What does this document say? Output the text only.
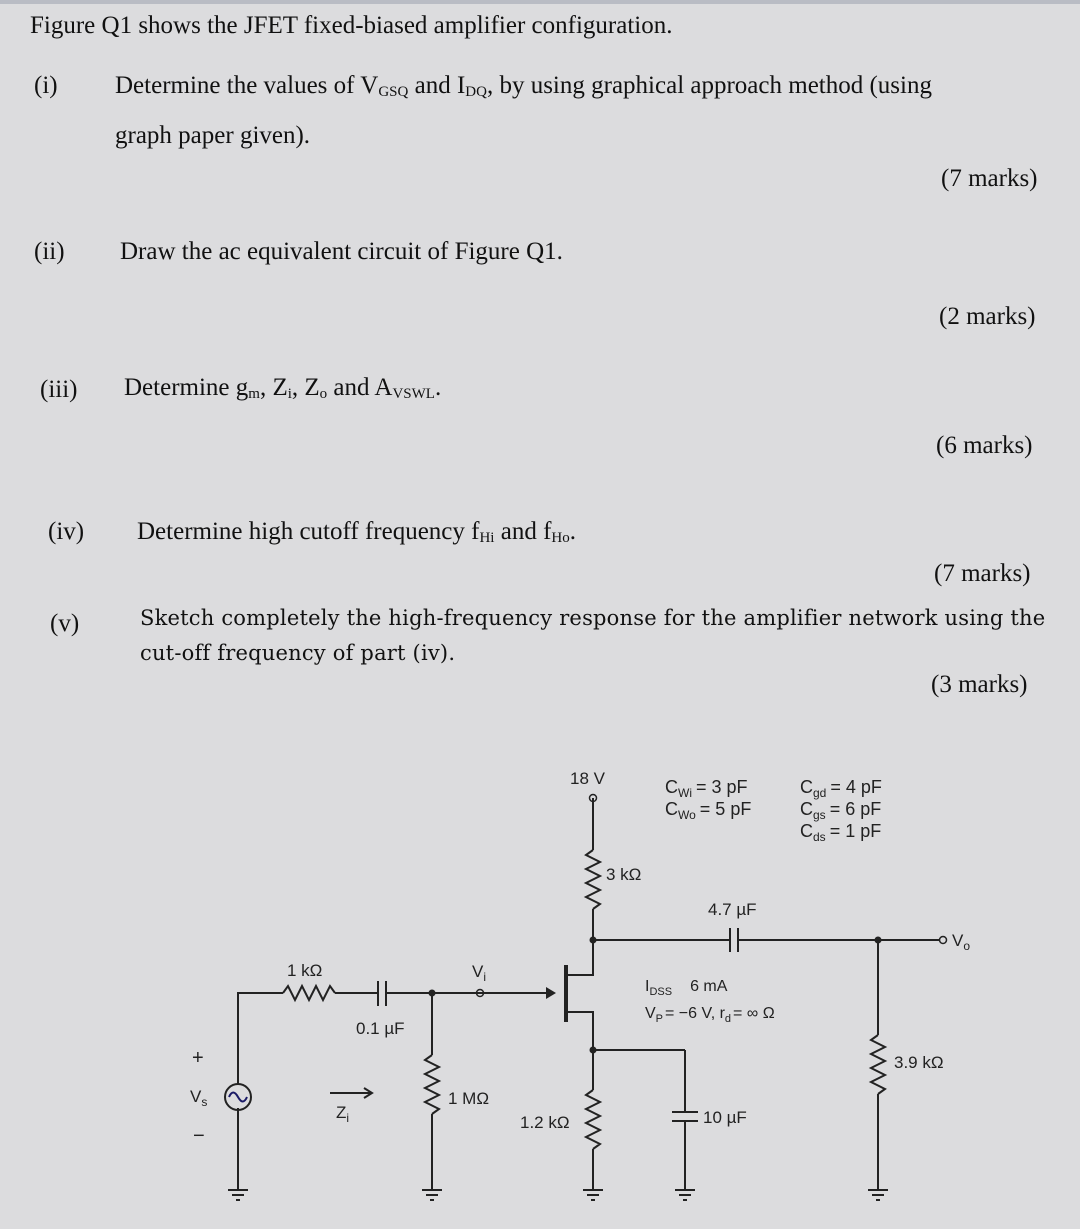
Figure Q1 shows the JFET fixed-biased amplifier configuration.
(i) Determine the values of $V_{GSQ}$ and $I_{DQ}$, by using graphical approach method (using
graph paper given).
(7 marks)
(ii) Draw the ac equivalent circuit of Figure Q1.
(2 marks)
(iii) Determine $g_m$, $Z_i$, $Z_o$ and $A_{VSWL}$.
(6 marks)
(iv) Determine high cutoff frequency $f_{Hi}$ and $f_{Ho}$.
(7 marks)
(v)	Sketch completely the high-frequency response for the amplifier network using the
cut-off frequency of part (iv).
(3 marks)
18 V	$C_{Wi} = 3$ pF
$C_{Wo} = 5$ pF
$C_{gd} = 4$ pF
$C_{gs} = 6$ pF
$C_{ds} = 1$ pF
3 kΩ
4.7 µF
$V_o$
$V_i$
1 kΩ
0.1 µF
$I_{DSS}$ 6 mA
$V_P = -6$ V, $r_d$ = ∞ Ω
3.9 kΩ
+
$V_s$
−
$Z_i$
1 MΩ
1.2 kΩ	10 µF
